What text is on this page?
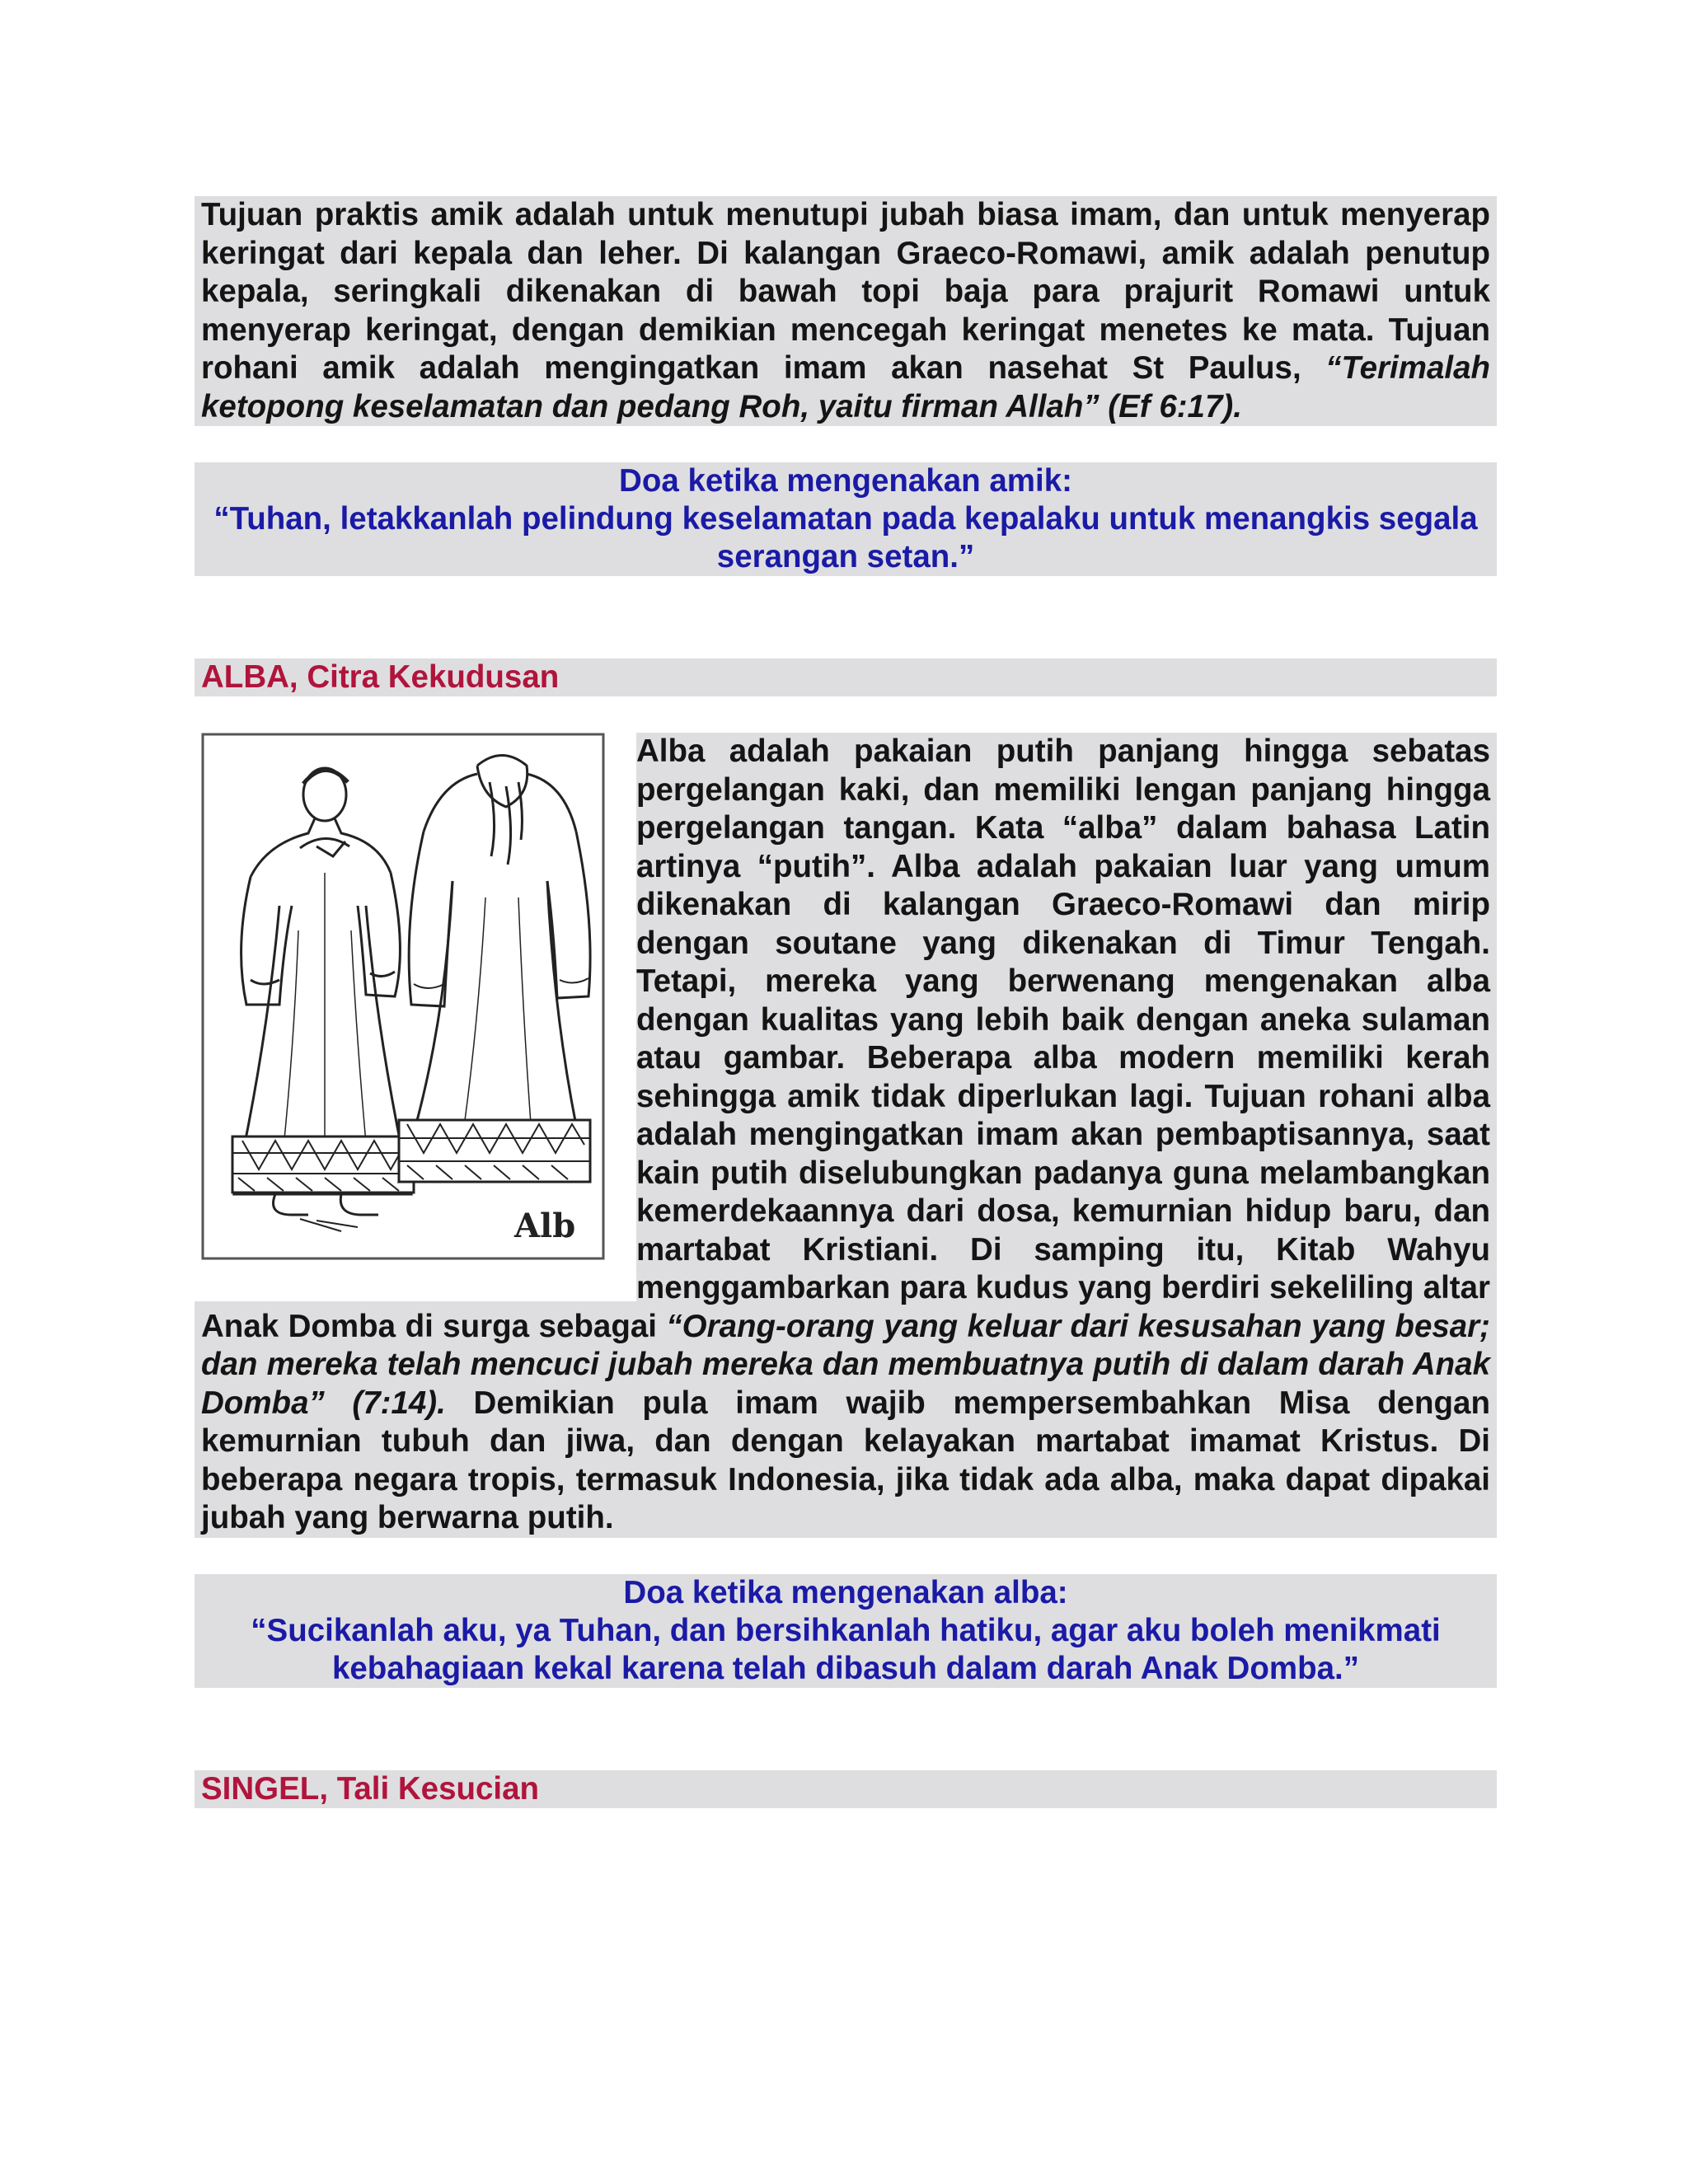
Tujuan praktis amik adalah untuk menutupi jubah biasa imam, dan untuk menyerap keringat dari kepala dan leher. Di kalangan Graeco-Romawi, amik adalah penutup kepala, seringkali dikenakan di bawah topi baja para prajurit Romawi untuk menyerap keringat, dengan demikian mencegah keringat menetes ke mata. Tujuan rohani amik adalah mengingatkan imam akan nasehat St Paulus, “Terimalah ketopong keselamatan dan pedang Roh, yaitu firman Allah” (Ef 6:17).
Doa ketika mengenakan amik:
“Tuhan, letakkanlah pelindung keselamatan pada kepalaku untuk menangkis segala serangan setan.”
ALBA, Citra Kekudusan
Alb
Alba adalah pakaian putih panjang hingga sebatas pergelangan kaki, dan memiliki lengan panjang hingga pergelangan tangan. Kata “alba” dalam bahasa Latin artinya “putih”. Alba adalah pakaian luar yang umum dikenakan di kalangan Graeco-Romawi dan mirip dengan soutane yang dikenakan di Timur Tengah. Tetapi, mereka yang berwenang mengenakan alba dengan kualitas yang lebih baik dengan aneka sulaman atau gambar. Beberapa alba modern memiliki kerah sehingga amik tidak diperlukan lagi. Tujuan rohani alba adalah mengingatkan imam akan pembaptisannya, saat kain putih diselubungkan padanya guna melambangkan kemerdekaannya dari dosa, kemurnian hidup baru, dan martabat Kristiani. Di samping itu, Kitab Wahyu menggambarkan para kudus yang berdiri sekeliling altar Anak Domba di surga sebagai “Orang-orang yang keluar dari kesusahan yang besar; dan mereka telah mencuci jubah mereka dan membuatnya putih di dalam darah Anak Domba” (7:14). Demikian pula imam wajib mempersembahkan Misa dengan kemurnian tubuh dan jiwa, dan dengan kelayakan martabat imamat Kristus. Di beberapa negara tropis, termasuk Indonesia, jika tidak ada alba, maka dapat dipakai jubah yang berwarna putih.
Doa ketika mengenakan alba:
“Sucikanlah aku, ya Tuhan, dan bersihkanlah hatiku, agar aku boleh menikmati kebahagiaan kekal karena telah dibasuh dalam darah Anak Domba.”
SINGEL, Tali Kesucian
